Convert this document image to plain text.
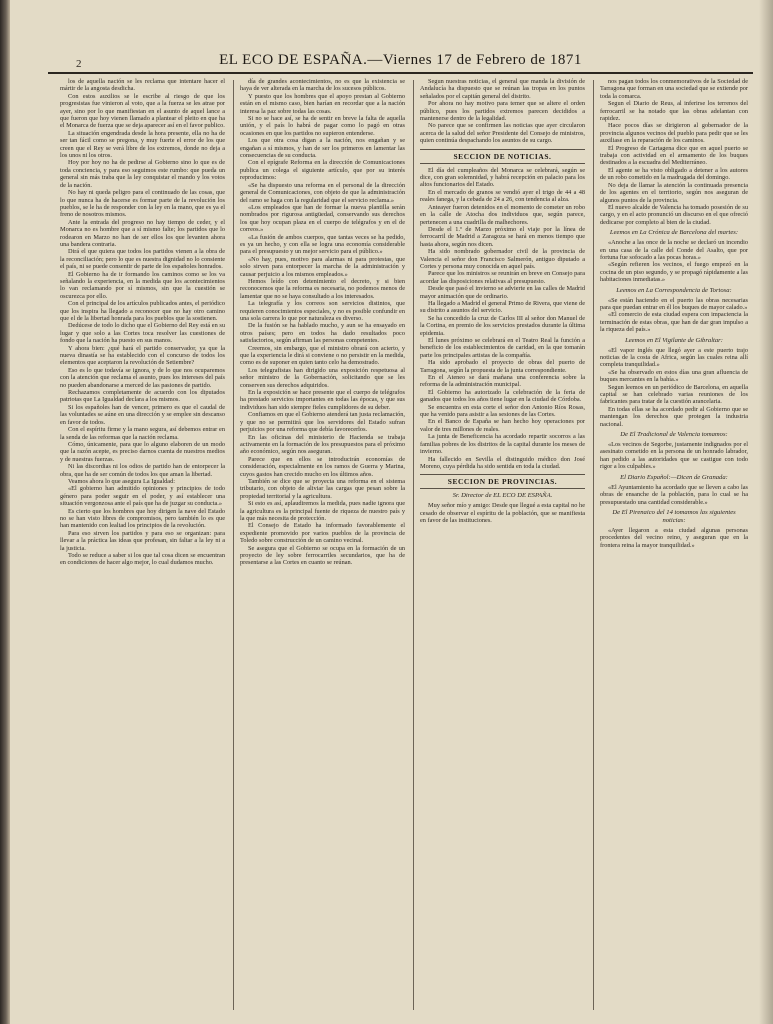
2	EL ECO DE ESPAÑA.—Viernes 17 de Febrero de 1871

los de aquella nación se les reclama que intentare hacer el mártir de la angosta desdicha.

Con estos auxilios se le escribe al riesgo de que los progresistas fue vinieron al voto, que a la fuerza se les atrae por ayer, sino por lo que manifiestan en el asunto de aquel lance a que fueron que hoy vienen llamado a plantear el pleito en que ha el Monarca de fuerza que se deja aparecer así en el favor publico.

La situación engendrada desde la hora presente, ella no ha de ser tan fácil como se pregona, y muy fuerte el error de los que creen que el Rey se verá libre de los extremos, donde no deja a los unos ni los otros.

Hoy por hoy no ha de pedirse al Gobierno sino lo que es de toda conciencia, y para eso seguimos este rumbo: que pueda un general sin más traba que la ley conquistar el mando y los votos de la nación.

No hay ni queda peligro para el continuado de las cosas, que lo que nunca ha de hacerse es formar parte de la revolución los pueblos, se le ha de responder con la ley en la mano, que es ya el freno de nosotros mismos.

Ante la entrada del progreso no hay tiempo de ceder, y el Monarca no es hombre que a sí mismo falte; los partidos que lo rodearon en Marzo no han de ser ellos los que levanten ahora una bandera contraria.

Dirá el que quiera que todos los partidos vienen a la obra de la reconciliación; pero lo que es nuestra dignidad no lo consiente el país, ni se puede consentir de parte de los españoles honrados.

El Gobierno ha de ir formando los caminos como se los va señalando la experiencia, en la medida que los acontecimientos lo van reclamando por sí mismos, sin que la cuestión se oscurezca por ello.

Con el principal de los artículos publicados antes, el periódico que los inspira ha llegado a reconocer que no hay otro camino que el de la libertad honrada para los pueblos que la sostienen.

Dedúcese de todo lo dicho que el Gobierno del Rey está en su lugar y que solo a las Cortes toca resolver las cuestiones de fondo que la nación ha puesto en sus manos.

Y ahora bien: ¿qué hará el partido conservador, ya que la nueva dinastía se ha establecido con el concurso de todos los elementos que aceptaron la revolución de Setiembre?

Eso es lo que todavía se ignora, y de lo que nos ocuparemos con la atención que reclama el asunto, pues los intereses del país no pueden abandonarse a merced de las pasiones de partido.

Rechazamos completamente de acuerdo con los diputados patriotas que La Igualdad declara a los mismos.

Si los españoles han de vencer, primero es que el caudal de las voluntades se aúne en una dirección y se emplee sin descanso en favor de todos.

Con el espíritu firme y la mano segura, así debemos entrar en la senda de las reformas que la nación reclama.

Cómo, únicamente, para que lo alguno elaboren de un modo que la razón acepte, es preciso darnos cuenta de nuestros medios y de nuestras fuerzas.

Ni las discordias ni los odios de partido han de entorpecer la obra, que ha de ser común de todos los que aman la libertad.

Veamos ahora lo que asegura La Igualdad:

«El gobierno han admitido opiniones y principios de todo género para poder seguir en el poder, y así establecer una situación vergonzosa ante el país que ha de juzgar su conducta.»

Es cierto que los hombres que hoy dirigen la nave del Estado no se han visto libres de compromisos, pero también lo es que han mantenido con lealtad los principios de la revolución.

Para eso sirven los partidos y para eso se organizan: para llevar a la práctica las ideas que profesan, sin faltar a la ley ni a la justicia.

Todo se reduce a saber si los que tal cosa dicen se encuentran en condiciones de hacer algo mejor, lo cual dudamos mucho.

día de grandes acontecimientos, no es que la existencia se haya de ver alterada en la marcha de los sucesos públicos.

Y puesto que los hombres que el apoyo prestan al Gobierno están en el mismo caso, bien harían en recordar que a la nación interesa la paz sobre todas las cosas.

Si no se hace así, se ha de sentir en breve la falta de aquella unión, y el país lo habrá de pagar como lo pagó en otras ocasiones en que los partidos no supieron entenderse.

Los que otra cosa digan a la nación, nos engañan y se engañan a sí mismos, y han de ser los primeros en lamentar las consecuencias de su conducta.

Con el epígrafe Reforma en la dirección de Comunicaciones publica un colega el siguiente artículo, que por su interés reproducimos:

«Se ha dispuesto una reforma en el personal de la dirección general de Comunicaciones, con objeto de que la administración del ramo se haga con la regularidad que el servicio reclama.»

«Los empleados que han de formar la nueva plantilla serán nombrados por rigurosa antigüedad, conservando sus derechos los que hoy ocupan plaza en el cuerpo de telégrafos y en el de correos.»

«La fusión de ambos cuerpos, que tantas veces se ha pedido, es ya un hecho, y con ella se logra una economía considerable para el presupuesto y un mejor servicio para el público.»

«No hay, pues, motivo para alarmas ni para protestas, que solo sirven para entorpecer la marcha de la administración y causar perjuicio a los mismos empleados.»

Hemos leído con detenimiento el decreto, y si bien reconocemos que la reforma es necesaria, no podemos menos de lamentar que no se haya consultado a los interesados.

La telegrafía y los correos son servicios distintos, que requieren conocimientos especiales, y no es posible confundir en una sola carrera lo que por naturaleza es diverso.

De la fusión se ha hablado mucho, y aun se ha ensayado en otros países; pero en todos ha dado resultados poco satisfactorios, según afirman las personas competentes.

Creemos, sin embargo, que el ministro obrará con acierto, y que la experiencia le dirá si conviene o no persistir en la medida, como es de suponer en quien tanto celo ha demostrado.

Los telegrafistas han dirigido una exposición respetuosa al señor ministro de la Gobernación, solicitando que se les conserven sus derechos adquiridos.

En la exposición se hace presente que el cuerpo de telégrafos ha prestado servicios importantes en todas las épocas, y que sus individuos han sido siempre fieles cumplidores de su deber.

Confiamos en que el Gobierno atenderá tan justa reclamación, y que no se permitirá que los servidores del Estado sufran perjuicios por una reforma que debía favorecerlos.

En las oficinas del ministerio de Hacienda se trabaja activamente en la formación de los presupuestos para el próximo año económico, según nos aseguran.

Parece que en ellos se introducirán economías de consideración, especialmente en los ramos de Guerra y Marina, cuyos gastos han crecido mucho en los últimos años.

También se dice que se proyecta una reforma en el sistema tributario, con objeto de aliviar las cargas que pesan sobre la propiedad territorial y la agricultura.

Si esto es así, aplaudiremos la medida, pues nadie ignora que la agricultura es la principal fuente de riqueza de nuestro país y la que más necesita de protección.

El Consejo de Estado ha informado favorablemente el expediente promovido por varios pueblos de la provincia de Toledo sobre construcción de un camino vecinal.

Se asegura que el Gobierno se ocupa en la formación de un proyecto de ley sobre ferrocarriles secundarios, que ha de presentarse a las Cortes en cuanto se reúnan.

Segun nuestras noticias, el general que manda la división de Andalucía ha dispuesto que se reúnan las tropas en los puntos señalados por el capitán general del distrito.

Por ahora no hay motivo para temer que se altere el orden público, pues los partidos extremos parecen decididos a mantenerse dentro de la legalidad.

No parece que se confirmen las noticias que ayer circularon acerca de la salud del señor Presidente del Consejo de ministros, quien continúa despachando los asuntos de su cargo.

SECCION DE NOTICIAS.

El día del cumpleaños del Monarca se celebrará, según se dice, con gran solemnidad, y habrá recepción en palacio para los altos funcionarios del Estado.

En el mercado de granos se vendió ayer el trigo de 44 a 48 reales fanega, y la cebada de 24 a 26, con tendencia al alza.

Anteayer fueron detenidos en el momento de cometer un robo en la calle de Atocha dos individuos que, según parece, pertenecen a una cuadrilla de malhechores.

Desde el 1.º de Marzo próximo el viaje por la línea de ferrocarril de Madrid a Zaragoza se hará en menos tiempo que hasta ahora, según nos dicen.

Ha sido nombrado gobernador civil de la provincia de Valencia el señor don Francisco Salmerón, antiguo diputado a Cortes y persona muy conocida en aquel país.

Parece que los ministros se reunirán en breve en Consejo para acordar las disposiciones relativas al presupuesto.

Desde que pasó el invierno se advierte en las calles de Madrid mayor animación que de ordinario.

Ha llegado a Madrid el general Primo de Rivera, que viene de su distrito a asuntos del servicio.

Se ha concedido la cruz de Carlos III al señor don Manuel de la Cortina, en premio de los servicios prestados durante la última epidemia.

El lunes próximo se celebrará en el Teatro Real la función a beneficio de los establecimientos de caridad, en la que tomarán parte los principales artistas de la compañía.

Ha sido aprobado el proyecto de obras del puerto de Tarragona, según la propuesta de la junta correspondiente.

En el Ateneo se dará mañana una conferencia sobre la reforma de la administración municipal.

El Gobierno ha autorizado la celebración de la feria de ganados que todos los años tiene lugar en la ciudad de Córdoba.

Se encuentra en esta corte el señor don Antonio Ríos Rosas, que ha venido para asistir a las sesiones de las Cortes.

En el Banco de España se han hecho hoy operaciones por valor de tres millones de reales.

La junta de Beneficencia ha acordado repartir socorros a las familias pobres de los distritos de la capital durante los meses de invierno.

Ha fallecido en Sevilla el distinguido médico don José Moreno, cuya pérdida ha sido sentida en toda la ciudad.

SECCION DE PROVINCIAS.
Sr. Director de EL ECO DE ESPAÑA.

Muy señor mío y amigo: Desde que llegué a esta capital no he cesado de observar el espíritu de la población, que se manifiesta en favor de las instituciones.

nos pagan todos los conmemorativos de la Sociedad de Tarragona que forman en una sociedad que se extiende por toda la comarca.

Segun el Diario de Reus, al inferirse los terrenos del ferrocarril se ha notado que las obras adelantan con rapidez.

Hace pocos días se dirigieron al gobernador de la provincia algunos vecinos del pueblo para pedir que se les auxiliase en la reparación de los caminos.

El Progreso de Cartagena dice que en aquel puerto se trabaja con actividad en el armamento de los buques destinados a la escuadra del Mediterráneo.

El agente se ha visto obligado a detener a los autores de un robo cometido en la madrugada del domingo.

No deja de llamar la atención la continuada presencia de los agentes en el territorio, según nos aseguran de algunos puntos de la provincia.

El nuevo alcalde de Valencia ha tomado posesión de su cargo, y en el acto pronunció un discurso en el que ofreció dedicarse por completo al bien de la ciudad.

Leemos en La Crónica de Barcelona del martes:

«Anoche a las once de la noche se declaró un incendio en una casa de la calle del Conde del Asalto, que por fortuna fue sofocado a las pocas horas.»

«Según refieren los vecinos, el fuego empezó en la cocina de un piso segundo, y se propagó rápidamente a las habitaciones inmediatas.»

Leemos en La Correspondencia de Tortosa:

«Se están haciendo en el puerto las obras necesarias para que puedan entrar en él los buques de mayor calado.»

«El comercio de esta ciudad espera con impaciencia la terminación de estas obras, que han de dar gran impulso a la riqueza del país.»

Leemos en El Vigilante de Gibraltar:

«El vapor inglés que llegó ayer a este puerto trajo noticias de la costa de Africa, según las cuales reina allí completa tranquilidad.»

«Se ha observado en estos días una gran afluencia de buques mercantes en la bahía.»

Segun leemos en un periódico de Barcelona, en aquella capital se han celebrado varias reuniones de los fabricantes para tratar de la cuestión arancelaria.

En todas ellas se ha acordado pedir al Gobierno que se mantengan los derechos que protegen la industria nacional.

De El Tradicional de Valencia tomamos:

«Los vecinos de Segorbe, justamente indignados por el asesinato cometido en la persona de un honrado labrador, han pedido a las autoridades que se castigue con todo rigor a los culpables.»

El Diario Español:—Dicen de Granada:

«El Ayuntamiento ha acordado que se lleven a cabo las obras de ensanche de la población, para lo cual se ha presupuestado una cantidad considerable.»

De El Pirenaico del 14 tomamos las siguientes noticias:

«Ayer llegaron a esta ciudad algunas personas procedentes del vecino reino, y aseguran que en la frontera reina la mayor tranquilidad.»
